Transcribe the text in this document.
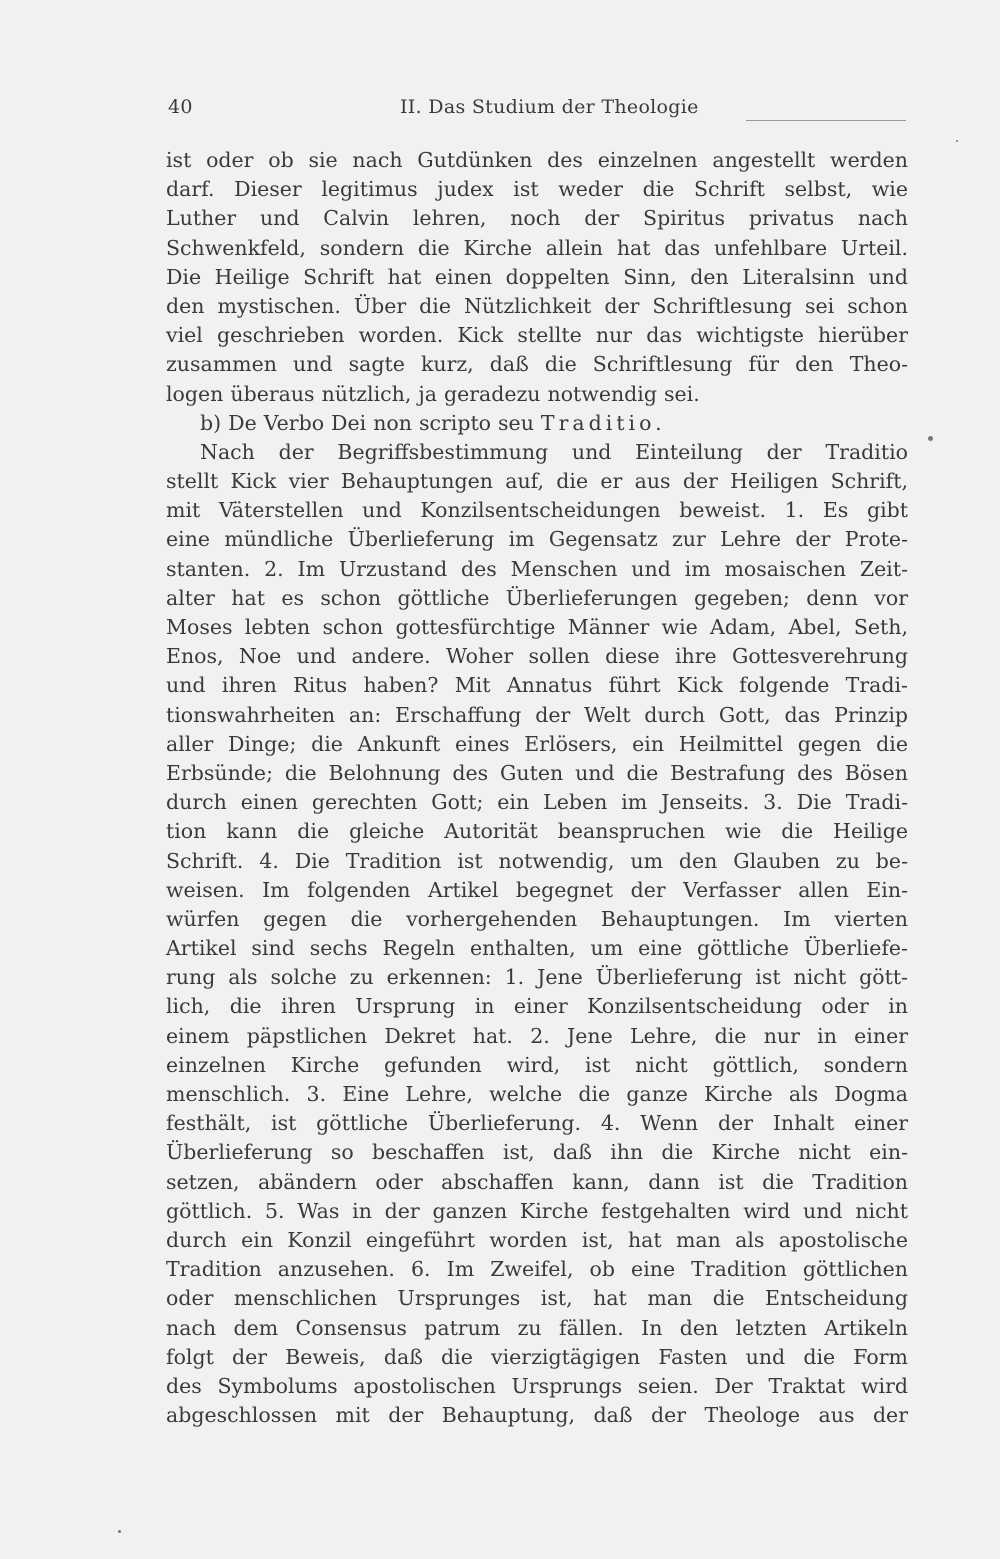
40	II. Das Studium der Theologie
ist oder ob sie nach Gutdünken des einzelnen angestellt werden
darf. Dieser legitimus judex ist weder die Schrift selbst, wie
Luther und Calvin lehren, noch der Spiritus privatus nach
Schwenkfeld, sondern die Kirche allein hat das unfehlbare Urteil.
Die Heilige Schrift hat einen doppelten Sinn, den Literalsinn und
den mystischen. Über die Nützlichkeit der Schriftlesung sei schon
viel geschrieben worden. Kick stellte nur das wichtigste hierüber
zusammen und sagte kurz, daß die Schriftlesung für den Theo-
logen überaus nützlich, ja geradezu notwendig sei.
b) De Verbo Dei non scripto seu Traditio.
Nach der Begriffsbestimmung und Einteilung der Traditio
stellt Kick vier Behauptungen auf, die er aus der Heiligen Schrift,
mit Väterstellen und Konzilsentscheidungen beweist. 1. Es gibt
eine mündliche Überlieferung im Gegensatz zur Lehre der Prote-
stanten. 2. Im Urzustand des Menschen und im mosaischen Zeit-
alter hat es schon göttliche Überlieferungen gegeben; denn vor
Moses lebten schon gottesfürchtige Männer wie Adam, Abel, Seth,
Enos, Noe und andere. Woher sollen diese ihre Gottesverehrung
und ihren Ritus haben? Mit Annatus führt Kick folgende Tradi-
tionswahrheiten an: Erschaffung der Welt durch Gott, das Prinzip
aller Dinge; die Ankunft eines Erlösers, ein Heilmittel gegen die
Erbsünde; die Belohnung des Guten und die Bestrafung des Bösen
durch einen gerechten Gott; ein Leben im Jenseits. 3. Die Tradi-
tion kann die gleiche Autorität beanspruchen wie die Heilige
Schrift. 4. Die Tradition ist notwendig, um den Glauben zu be-
weisen. Im folgenden Artikel begegnet der Verfasser allen Ein-
würfen gegen die vorhergehenden Behauptungen. Im vierten
Artikel sind sechs Regeln enthalten, um eine göttliche Überliefe-
rung als solche zu erkennen: 1. Jene Überlieferung ist nicht gött-
lich, die ihren Ursprung in einer Konzilsentscheidung oder in
einem päpstlichen Dekret hat. 2. Jene Lehre, die nur in einer
einzelnen Kirche gefunden wird, ist nicht göttlich, sondern
menschlich. 3. Eine Lehre, welche die ganze Kirche als Dogma
festhält, ist göttliche Überlieferung. 4. Wenn der Inhalt einer
Überlieferung so beschaffen ist, daß ihn die Kirche nicht ein-
setzen, abändern oder abschaffen kann, dann ist die Tradition
göttlich. 5. Was in der ganzen Kirche festgehalten wird und nicht
durch ein Konzil eingeführt worden ist, hat man als apostolische
Tradition anzusehen. 6. Im Zweifel, ob eine Tradition göttlichen
oder menschlichen Ursprunges ist, hat man die Entscheidung
nach dem Consensus patrum zu fällen. In den letzten Artikeln
folgt der Beweis, daß die vierzigtägigen Fasten und die Form
des Symbolums apostolischen Ursprungs seien. Der Traktat wird
abgeschlossen mit der Behauptung, daß der Theologe aus der
